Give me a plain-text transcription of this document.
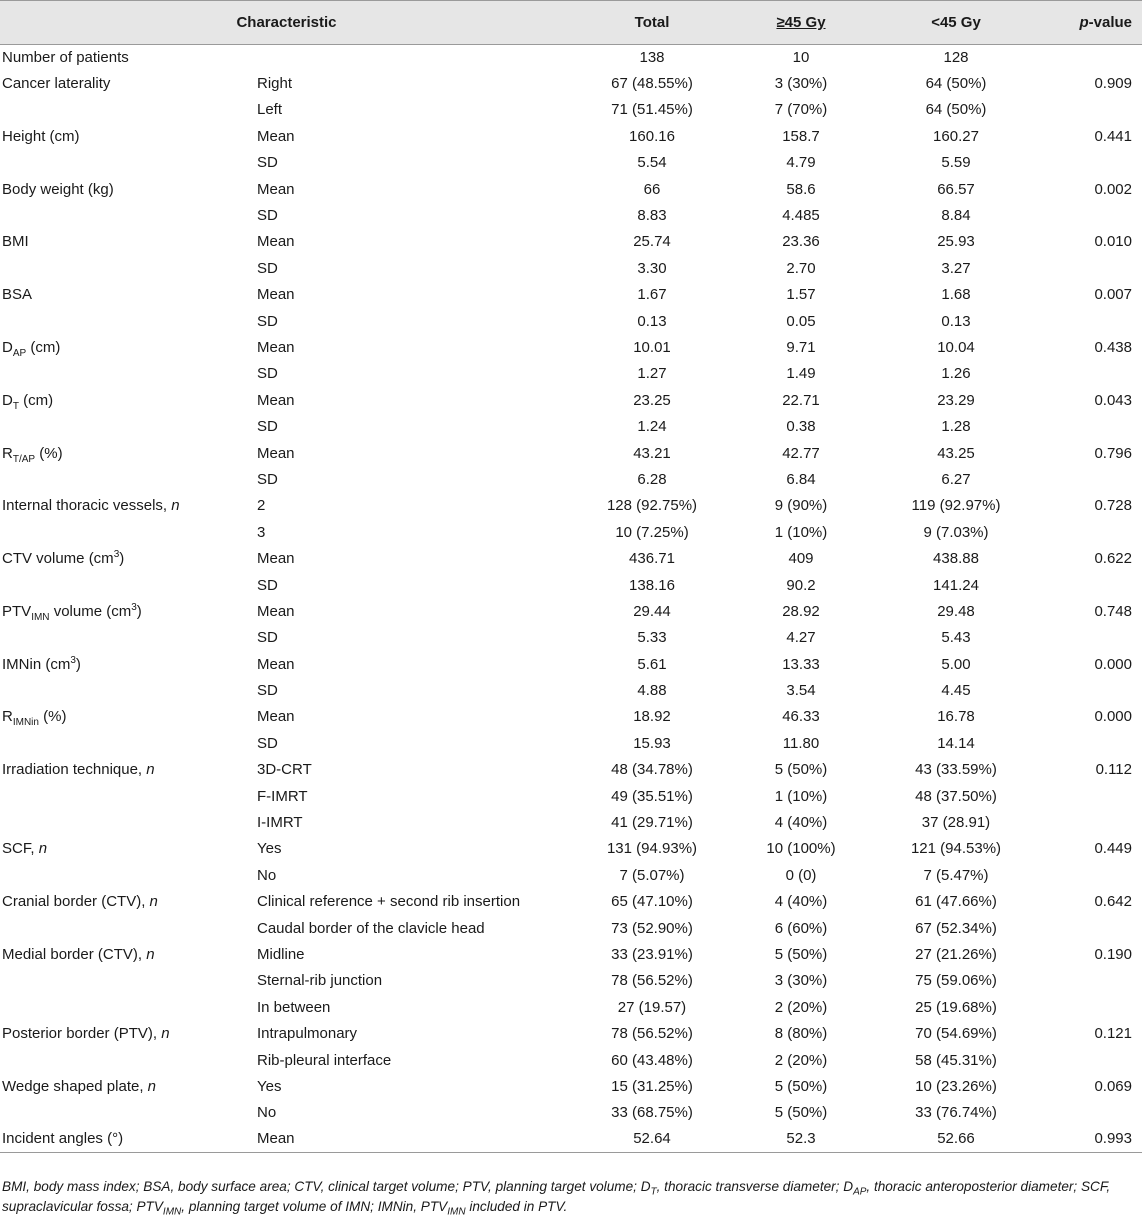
Characteristic		Total	≥45 Gy	<45 Gy	p-value
Number of patients		138	10	128	
Cancer laterality	Right	67 (48.55%)	3 (30%)	64 (50%)	0.909
	Left	71 (51.45%)	7 (70%)	64 (50%)	
Height (cm)	Mean	160.16	158.7	160.27	0.441
	SD	5.54	4.79	5.59	
Body weight (kg)	Mean	66	58.6	66.57	0.002
	SD	8.83	4.485	8.84	
BMI	Mean	25.74	23.36	25.93	0.010
	SD	3.30	2.70	3.27	
BSA	Mean	1.67	1.57	1.68	0.007
	SD	0.13	0.05	0.13	
$D_{AP}$ (cm)	Mean	10.01	9.71	10.04	0.438
	SD	1.27	1.49	1.26	
$D_T$ (cm)	Mean	23.25	22.71	23.29	0.043
	SD	1.24	0.38	1.28	
$R_{T/AP}$ (%)	Mean	43.21	42.77	43.25	0.796
	SD	6.28	6.84	6.27	
Internal thoracic vessels, n	2	128 (92.75%)	9 (90%)	119 (92.97%)	0.728
	3	10 (7.25%)	1 (10%)	9 (7.03%)	
CTV volume $(cm^3)$	Mean	436.71	409	438.88	0.622
	SD	138.16	90.2	141.24	
$PTV_{IMN}$ volume $(cm^3)$	Mean	29.44	28.92	29.48	0.748
	SD	5.33	4.27	5.43	
IMNin $(cm^3)$	Mean	5.61	13.33	5.00	0.000
	SD	4.88	3.54	4.45	
$R_{IMNin}$ (%)	Mean	18.92	46.33	16.78	0.000
	SD	15.93	11.80	14.14	
Irradiation technique, n	3D-CRT	48 (34.78%)	5 (50%)	43 (33.59%)	0.112
	F-IMRT	49 (35.51%)	1 (10%)	48 (37.50%)	
	I-IMRT	41 (29.71%)	4 (40%)	37 (28.91)	
SCF, n	Yes	131 (94.93%)	10 (100%)	121 (94.53%)	0.449
	No	7 (5.07%)	0 (0)	7 (5.47%)	
Cranial border (CTV), n	Clinical reference + second rib insertion	65 (47.10%)	4 (40%)	61 (47.66%)	0.642
	Caudal border of the clavicle head	73 (52.90%)	6 (60%)	67 (52.34%)	
Medial border (CTV), n	Midline	33 (23.91%)	5 (50%)	27 (21.26%)	0.190
	Sternal-rib junction	78 (56.52%)	3 (30%)	75 (59.06%)	
	In between	27 (19.57)	2 (20%)	25 (19.68%)	
Posterior border (PTV), n	Intrapulmonary	78 (56.52%)	8 (80%)	70 (54.69%)	0.121
	Rib-pleural interface	60 (43.48%)	2 (20%)	58 (45.31%)	
Wedge shaped plate, n	Yes	15 (31.25%)	5 (50%)	10 (23.26%)	0.069
	No	33 (68.75%)	5 (50%)	33 (76.74%)	
Incident angles (°)	Mean	52.64	52.3	52.66	0.993
BMI, body mass index; BSA, body surface area; CTV, clinical target volume; PTV, planning target volume; $D_T$, thoracic transverse diameter; $D_{AP}$, thoracic anteroposterior diameter; SCF, supraclavicular fossa; $PTV_{IMN}$, planning target volume of IMN; IMNin, $PTV_{IMN}$ included in PTV.
